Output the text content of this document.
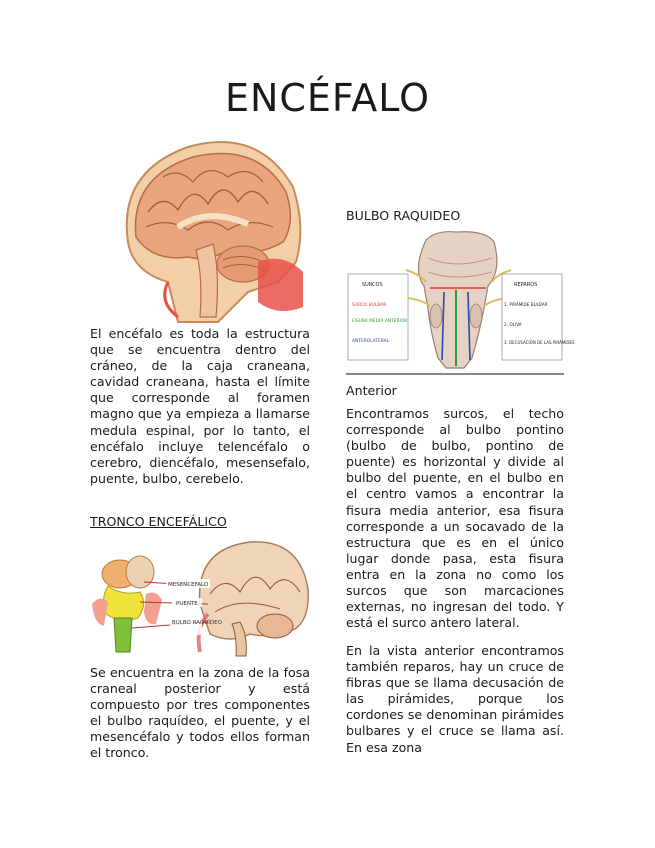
ENCÉFALO

El encéfalo es toda la estructura que se encuentra dentro del cráneo, de la caja craneana, cavidad craneana, hasta el límite que corresponde al foramen magno que ya empieza a llamarse medula espinal, por lo tanto, el encéfalo incluye telencéfalo o cerebro, diencéfalo, mesensefalo, puente, bulbo, cerebelo.

TRONCO ENCEFÁLICO

MESENCEFALO
PUENTE
BULBO RAQUÍDEO

Se encuentra en la zona de la fosa craneal posterior y está compuesto por tres componentes el bulbo raquídeo, el puente, y el mesencéfalo y todos ellos forman el tronco.

BULBO RAQUIDEO

SURCOS
SURCO BULBAR
FISURA MEDIA ANTERIOR
ANTEROLATERAL
REPAROS
1. PIRÁMIDE BULBAR
2. OLIVA
3. DECUSACIÓN DE LAS PIRÁMIDES

Anterior

Encontramos surcos, el techo corresponde al bulbo pontino (bulbo de bulbo, pontino de puente) es horizontal y divide al bulbo del puente, en el bulbo en el centro vamos a encontrar la fisura media anterior, esa fisura corresponde a un socavado de la estructura que es en el único lugar donde pasa, esta fisura entra en la zona no como los surcos que son marcaciones externas, no ingresan del todo. Y está el surco antero lateral.

En la vista anterior encontramos también reparos, hay un cruce de fibras que se llama decusación de las pirámides, porque los cordones se denominan pirámides bulbares y el cruce se llama así. En esa zona
